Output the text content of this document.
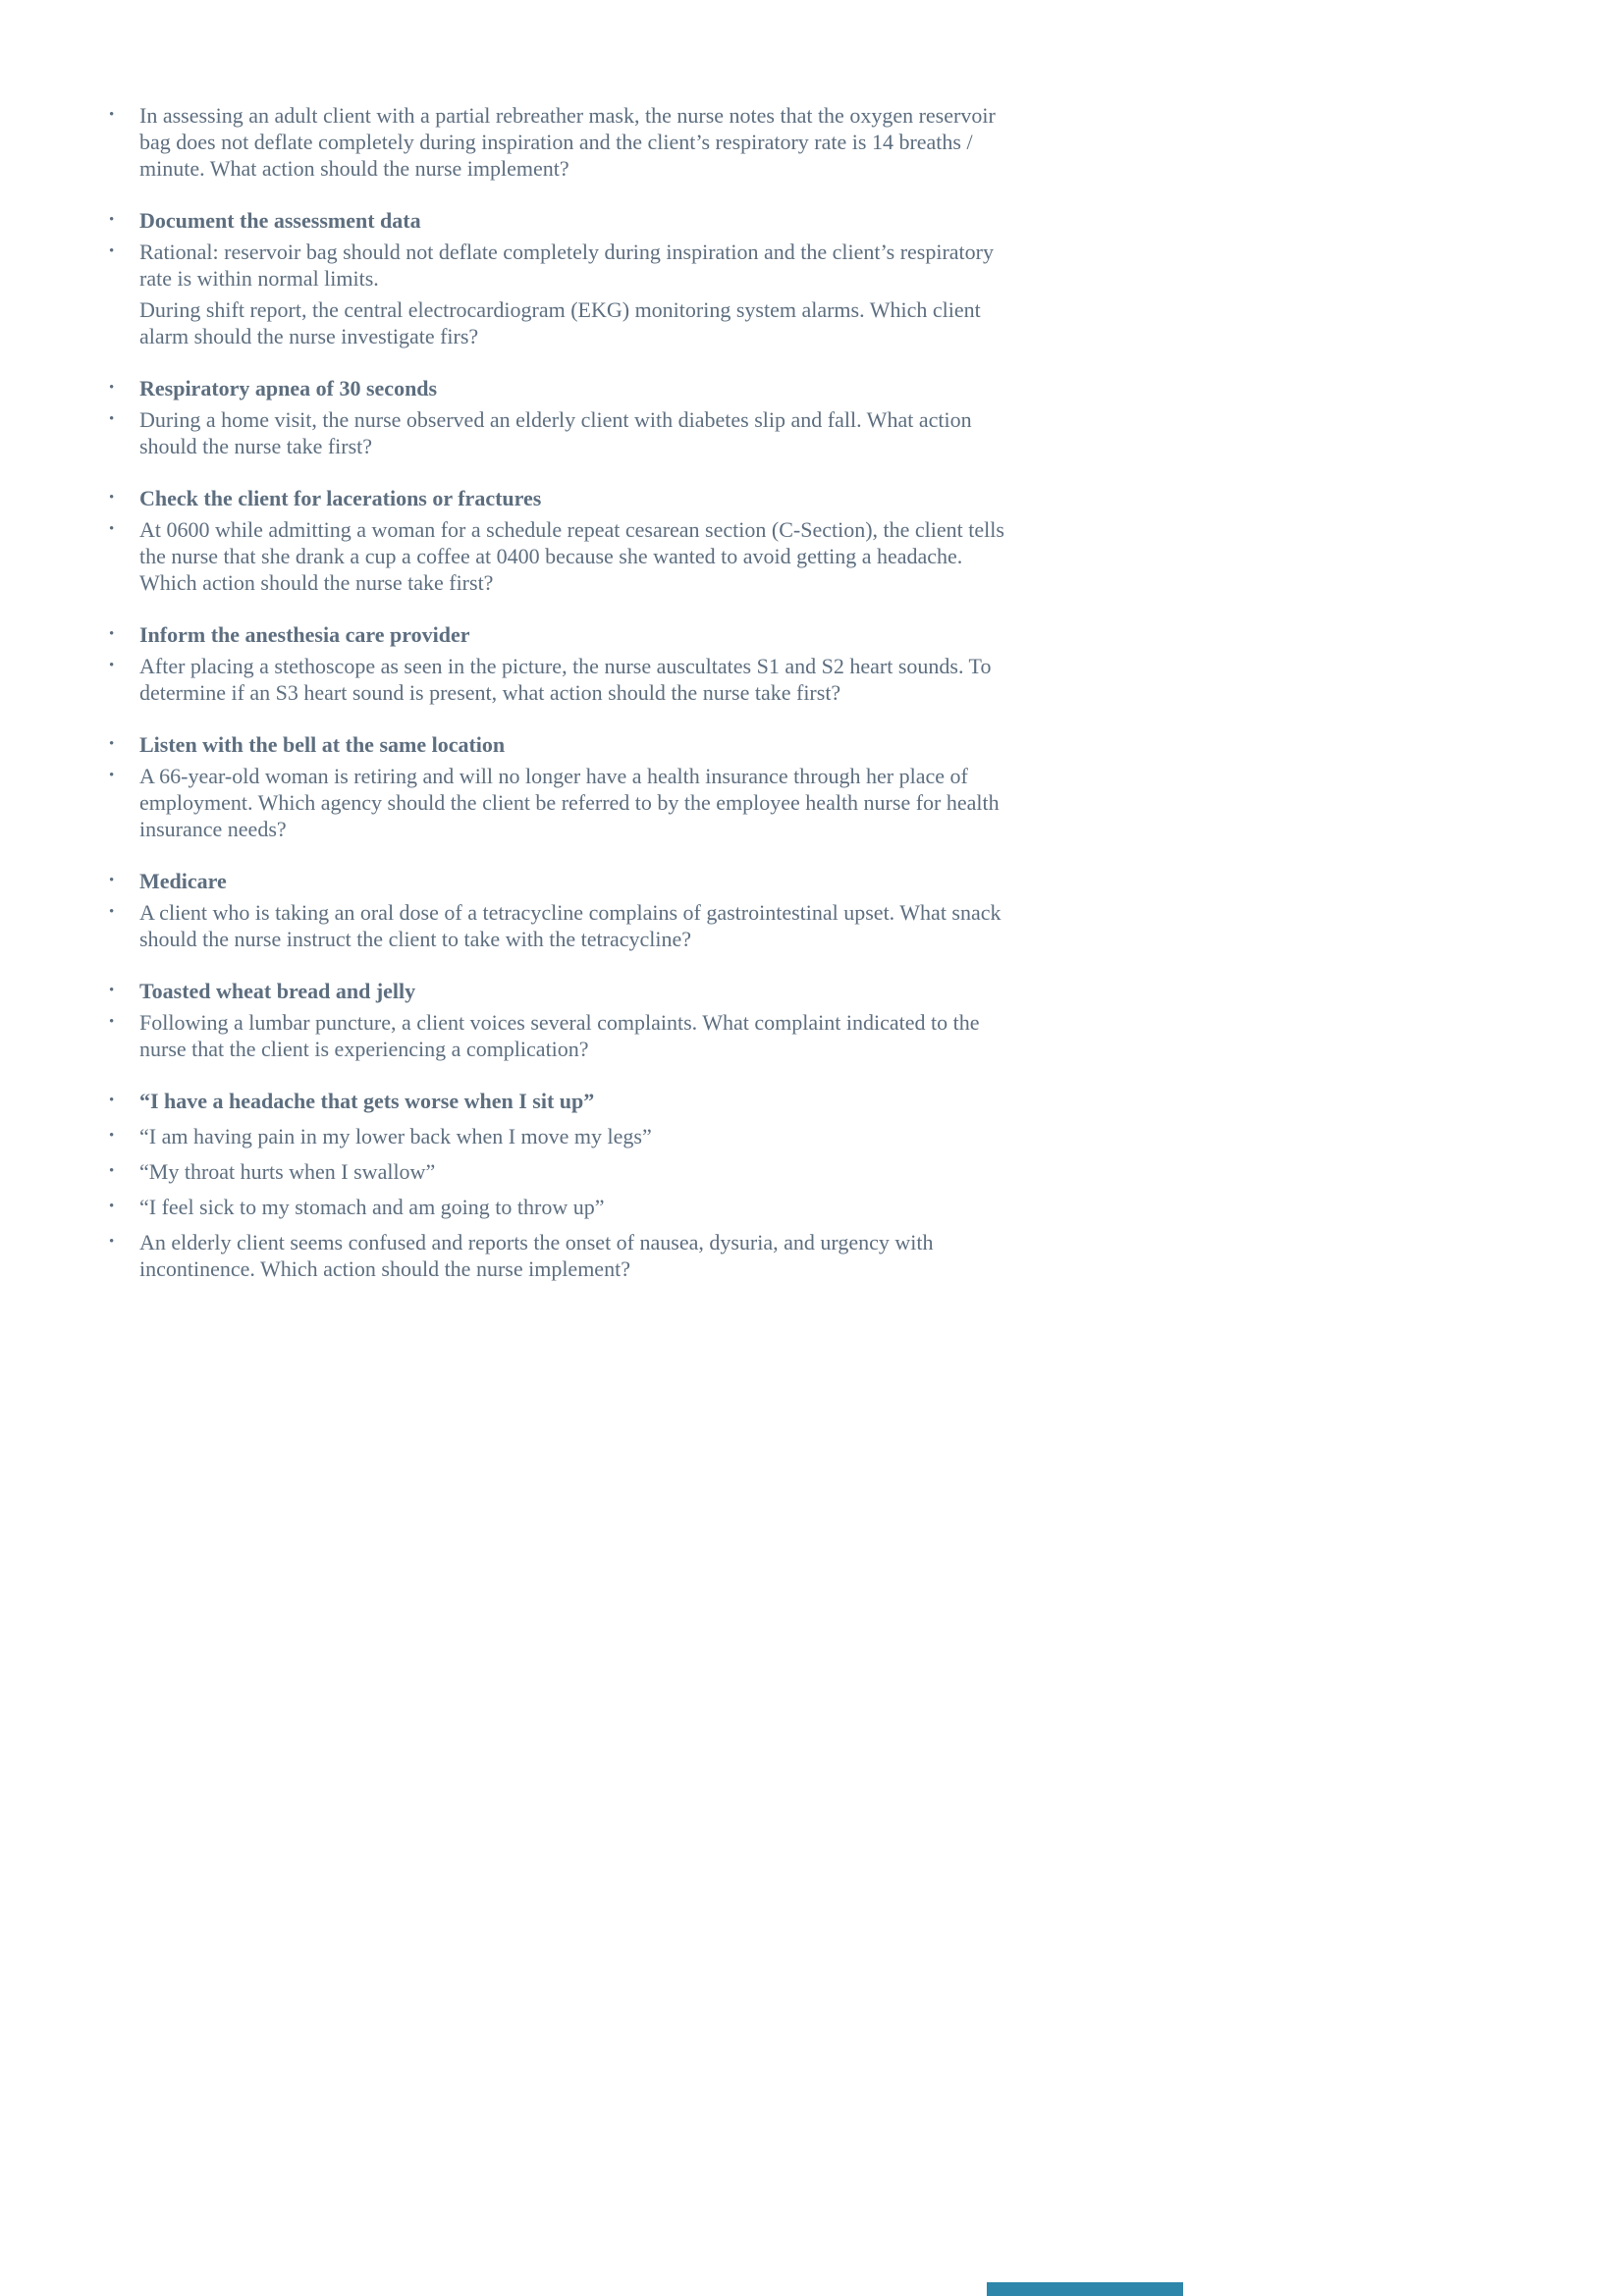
•	In assessing an adult client with a partial rebreather mask, the nurse notes that the oxygen reservoir bag does not deflate completely during inspiration and the client’s respiratory rate is 14 breaths / minute. What action should the nurse implement?
•	Document the assessment data
•	Rational: reservoir bag should not deflate completely during inspiration and the client’s respiratory rate is within normal limits.
During shift report, the central electrocardiogram (EKG) monitoring system alarms. Which client alarm should the nurse investigate firs?
•	Respiratory apnea of 30 seconds
•	During a home visit, the nurse observed an elderly client with diabetes slip and fall. What action should the nurse take first?
•	Check the client for lacerations or fractures
•	At 0600 while admitting a woman for a schedule repeat cesarean section (C-Section), the client tells the nurse that she drank a cup a coffee at 0400 because she wanted to avoid getting a headache. Which action should the nurse take first?
•	Inform the anesthesia care provider
•	After placing a stethoscope as seen in the picture, the nurse auscultates S1 and S2 heart sounds. To determine if an S3 heart sound is present, what action should the nurse take first?
•	Listen with the bell at the same location
•	A 66-year-old woman is retiring and will no longer have a health insurance through her place of employment. Which agency should the client be referred to by the employee health nurse for health insurance needs?
•	Medicare
•	A client who is taking an oral dose of a tetracycline complains of gastrointestinal upset. What snack should the nurse instruct the client to take with the tetracycline?
•	Toasted wheat bread and jelly
•	Following a lumbar puncture, a client voices several complaints. What complaint indicated to the nurse that the client is experiencing a complication?
•	“I have a headache that gets worse when I sit up”
•	“I am having pain in my lower back when I move my legs”
•	“My throat hurts when I swallow”
•	“I feel sick to my stomach and am going to throw up”
•	An elderly client seems confused and reports the onset of nausea, dysuria, and urgency with incontinence. Which action should the nurse implement?
